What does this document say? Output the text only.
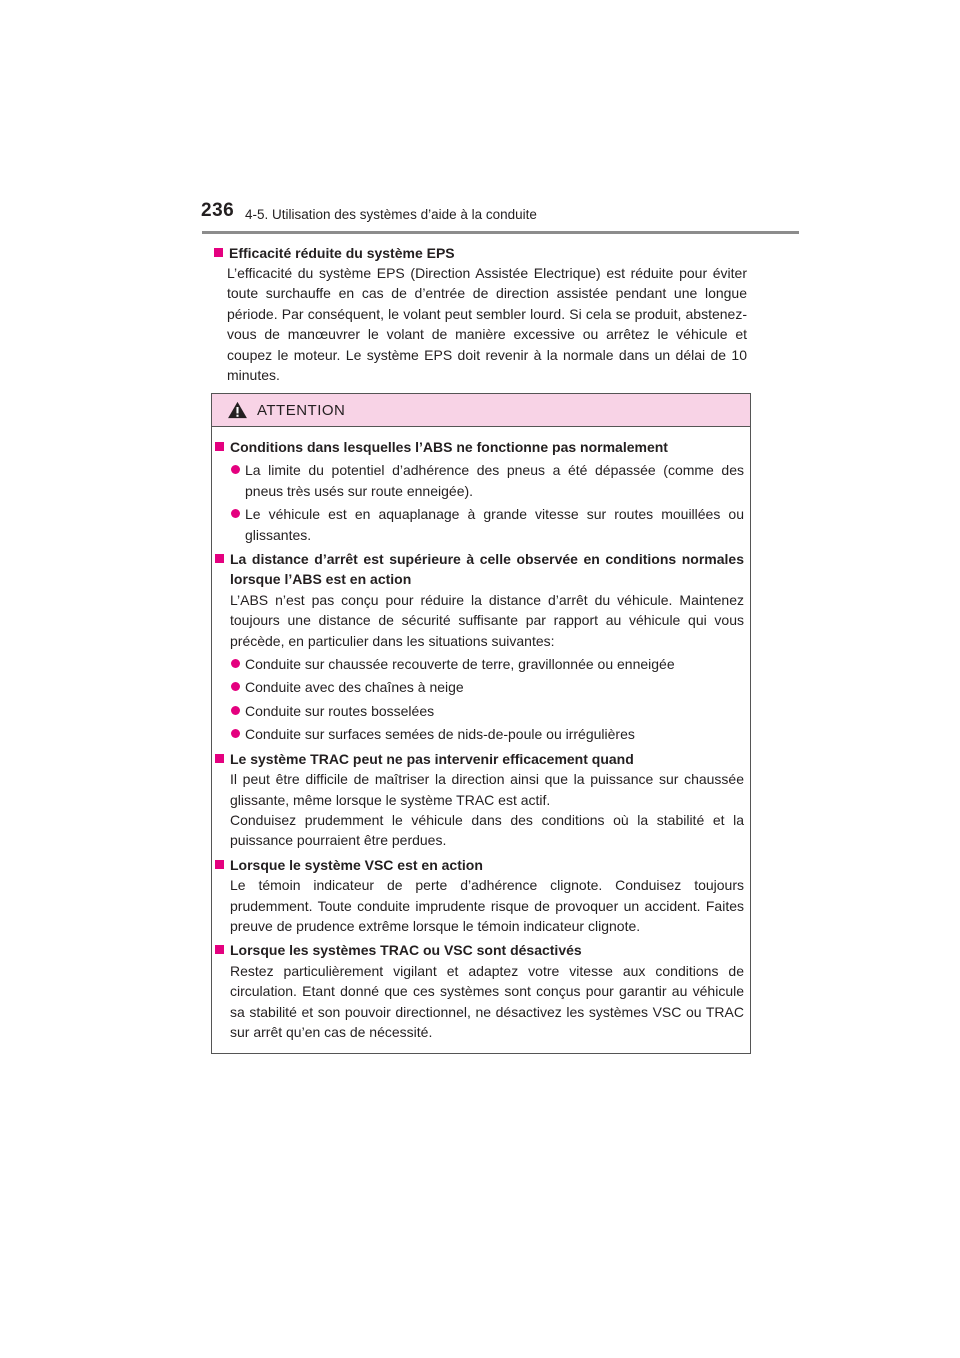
236 4-5. Utilisation des systèmes d’aide à la conduite
Efficacité réduite du système EPS
L’efficacité du système EPS (Direction Assistée Electrique) est réduite pour éviter toute surchauffe en cas de d’entrée de direction assistée pendant une longue période. Par conséquent, le volant peut sembler lourd. Si cela se produit, abstenez-vous de manœuvrer le volant de manière excessive ou arrêtez le véhicule et coupez le moteur. Le système EPS doit revenir à la normale dans un délai de 10 minutes.
ATTENTION
Conditions dans lesquelles l’ABS ne fonctionne pas normalement
La limite du potentiel d’adhérence des pneus a été dépassée (comme des pneus très usés sur route enneigée).
Le véhicule est en aquaplanage à grande vitesse sur routes mouillées ou glissantes.
La distance d’arrêt est supérieure à celle observée en conditions normales lorsque l’ABS est en action
L’ABS n’est pas conçu pour réduire la distance d’arrêt du véhicule. Maintenez toujours une distance de sécurité suffisante par rapport au véhicule qui vous précède, en particulier dans les situations suivantes:
Conduite sur chaussée recouverte de terre, gravillonnée ou enneigée
Conduite avec des chaînes à neige
Conduite sur routes bosselées
Conduite sur surfaces semées de nids-de-poule ou irrégulières
Le système TRAC peut ne pas intervenir efficacement quand
Il peut être difficile de maîtriser la direction ainsi que la puissance sur chaussée glissante, même lorsque le système TRAC est actif.
Conduisez prudemment le véhicule dans des conditions où la stabilité et la puissance pourraient être perdues.
Lorsque le système VSC est en action
Le témoin indicateur de perte d’adhérence clignote. Conduisez toujours prudemment. Toute conduite imprudente risque de provoquer un accident. Faites preuve de prudence extrême lorsque le témoin indicateur clignote.
Lorsque les systèmes TRAC ou VSC sont désactivés
Restez particulièrement vigilant et adaptez votre vitesse aux conditions de circulation. Etant donné que ces systèmes sont conçus pour garantir au véhicule sa stabilité et son pouvoir directionnel, ne désactivez les systèmes VSC ou TRAC sur arrêt qu’en cas de nécessité.
